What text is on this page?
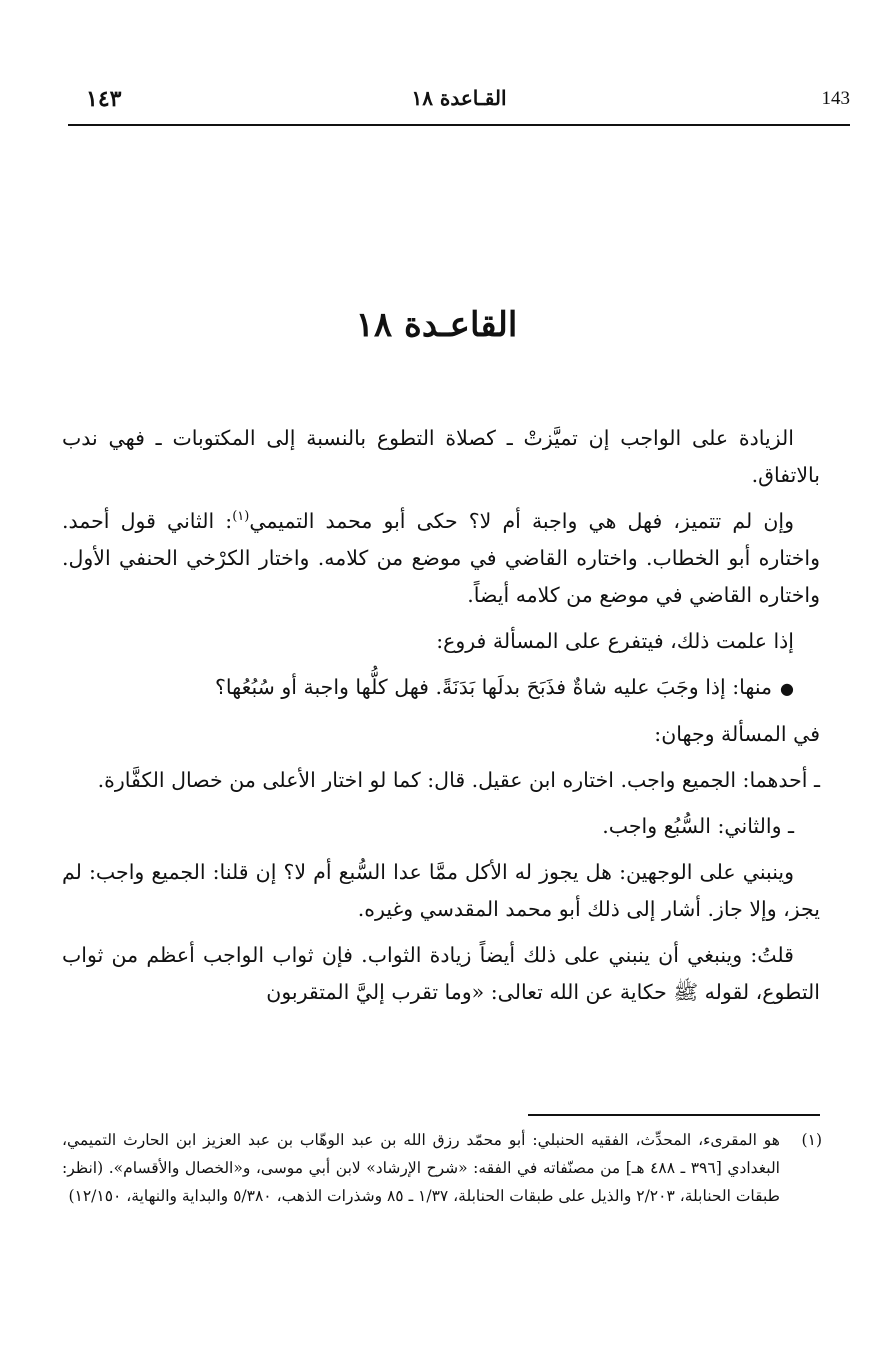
143
القـاعدة ١٨
١٤٣
القاعـدة ١٨

الزيادة على الواجب إن تميَّزتْ ـ كصلاة التطوع بالنسبة إلى المكتوبات ـ فهي ندب بالاتفاق.

وإن لم تتميز، فهل هي واجبة أم لا؟ حكى أبو محمد التميمي$^{(١)}$: الثاني قول أحمد. واختاره أبو الخطاب. واختاره القاضي في موضع من كلامه. واختار الكرْخي الحنفي الأول. واختاره القاضي في موضع من كلامه أيضاً.

إذا علمت ذلك، فيتفرع على المسألة فروع:

● منها: إذا وجَبَ عليه شاةٌ فذَبَحَ بدلَها بَدَنَةً. فهل كلُّها واجبة أو سُبُعُها؟

في المسألة وجهان:

ـ أحدهما: الجميع واجب. اختاره ابن عقيل. قال: كما لو اختار الأعلى من خصال الكفَّارة.

ـ والثاني: السُّبُع واجب.

وينبني على الوجهين: هل يجوز له الأكل ممَّا عدا السُّبع أم لا؟ إن قلنا: الجميع واجب: لم يجز، وإلا جاز. أشار إلى ذلك أبو محمد المقدسي وغيره.

قلتُ: وينبغي أن ينبني على ذلك أيضاً زيادة الثواب. فإن ثواب الواجب أعظم من ثواب التطوع، لقوله ﷺ حكاية عن الله تعالى: «وما تقرب إليَّ المتقربون

(١)
هو المقرىء، المحدِّث، الفقيه الحنبلي: أبو محمّد رزق الله بن عبد الوهّاب بن عبد العزيز ابن الحارث التميمي، البغدادي [٣٩٦ ـ ٤٨٨ هـ] من مصنّفاته في الفقه: «شرح الإرشاد» لابن أبي موسى، و«الخصال والأقسام». (انظر: طبقات الحنابلة، ٢/٢٠٣ والذيل على طبقات الحنابلة، ١/٣٧ ـ ٨٥ وشذرات الذهب، ٥/٣٨٠ والبداية والنهاية، ١٢/١٥٠)
